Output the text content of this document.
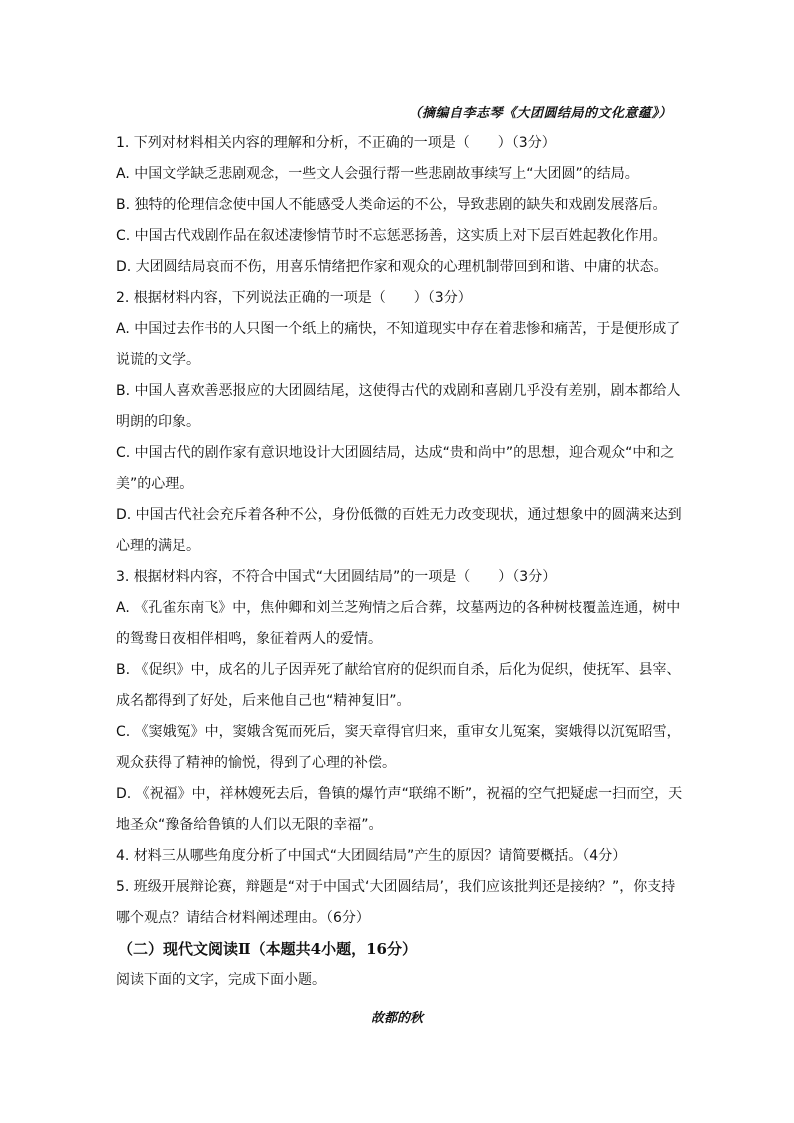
（摘编自李志琴《大团圆结局的文化意蕴》）

1. 下列对材料相关内容的理解和分析，不正确的一项是（　　）（3分）

A. 中国文学缺乏悲剧观念，一些文人会强行帮一些悲剧故事续写上“大团圆”的结局。

B. 独特的伦理信念使中国人不能感受人类命运的不公，导致悲剧的缺失和戏剧发展落后。

C. 中国古代戏剧作品在叙述凄惨情节时不忘惩恶扬善，这实质上对下层百姓起教化作用。

D. 大团圆结局哀而不伤，用喜乐情绪把作家和观众的心理机制带回到和谐、中庸的状态。

2. 根据材料内容，下列说法正确的一项是（　　）（3分）

A. 中国过去作书的人只图一个纸上的痛快，不知道现实中存在着悲惨和痛苦，于是便形成了说谎的文学。

B. 中国人喜欢善恶报应的大团圆结尾，这使得古代的戏剧和喜剧几乎没有差别，剧本都给人明朗的印象。

C. 中国古代的剧作家有意识地设计大团圆结局，达成“贵和尚中”的思想，迎合观众“中和之美”的心理。

D. 中国古代社会充斥着各种不公，身份低微的百姓无力改变现状，通过想象中的圆满来达到心理的满足。

3. 根据材料内容，不符合中国式“大团圆结局”的一项是（　　）（3分）

A. 《孔雀东南飞》中，焦仲卿和刘兰芝殉情之后合葬，坟墓两边的各种树枝覆盖连通，树中的鸳鸯日夜相伴相鸣，象征着两人的爱情。

B. 《促织》中，成名的儿子因弄死了献给官府的促织而自杀，后化为促织，使抚军、县宰、成名都得到了好处，后来他自己也“精神复旧”。

C. 《窦娥冤》中，窦娥含冤而死后，窦天章得官归来，重审女儿冤案，窦娥得以沉冤昭雪，观众获得了精神的愉悦，得到了心理的补偿。

D. 《祝福》中，祥林嫂死去后，鲁镇的爆竹声“联绵不断”，祝福的空气把疑虑一扫而空，天地圣众“豫备给鲁镇的人们以无限的幸福”。

4. 材料三从哪些角度分析了中国式“大团圆结局”产生的原因？请简要概括。（4分）

5. 班级开展辩论赛，辩题是“对于中国式‘大团圆结局’，我们应该批判还是接纳？”，你支持哪个观点？请结合材料阐述理由。（6分）

（二）现代文阅读Ⅱ（本题共4小题，16分）

阅读下面的文字，完成下面小题。

故都的秋
